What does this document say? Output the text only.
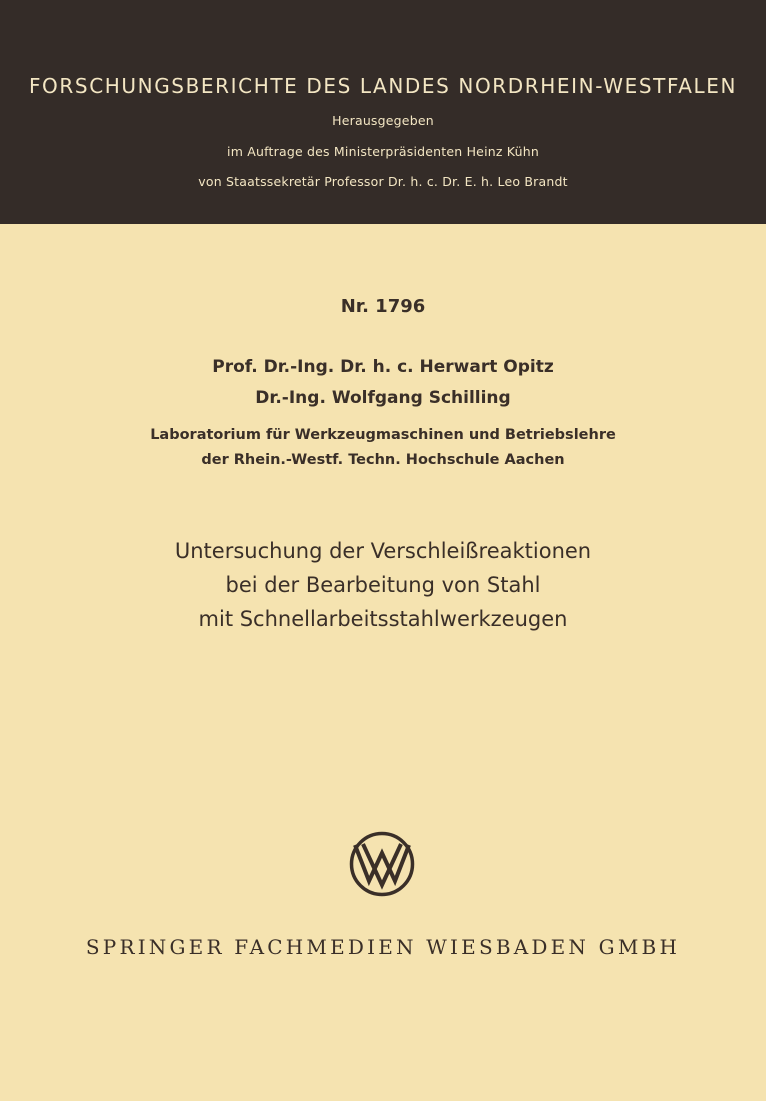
FORSCHUNGSBERICHTE DES LANDES NORDRHEIN-WESTFALEN
Herausgegeben
im Auftrage des Ministerpräsidenten Heinz Kühn
von Staatssekretär Professor Dr. h. c. Dr. E. h. Leo Brandt
Nr. 1796
Prof. Dr.-Ing. Dr. h. c. Herwart Opitz
Dr.-Ing. Wolfgang Schilling
Laboratorium für Werkzeugmaschinen und Betriebslehre
der Rhein.-Westf. Techn. Hochschule Aachen
Untersuchung der Verschleißreaktionen
bei der Bearbeitung von Stahl
mit Schnellarbeitsstahlwerkzeugen
SPRINGER FACHMEDIEN WIESBADEN GMBH
